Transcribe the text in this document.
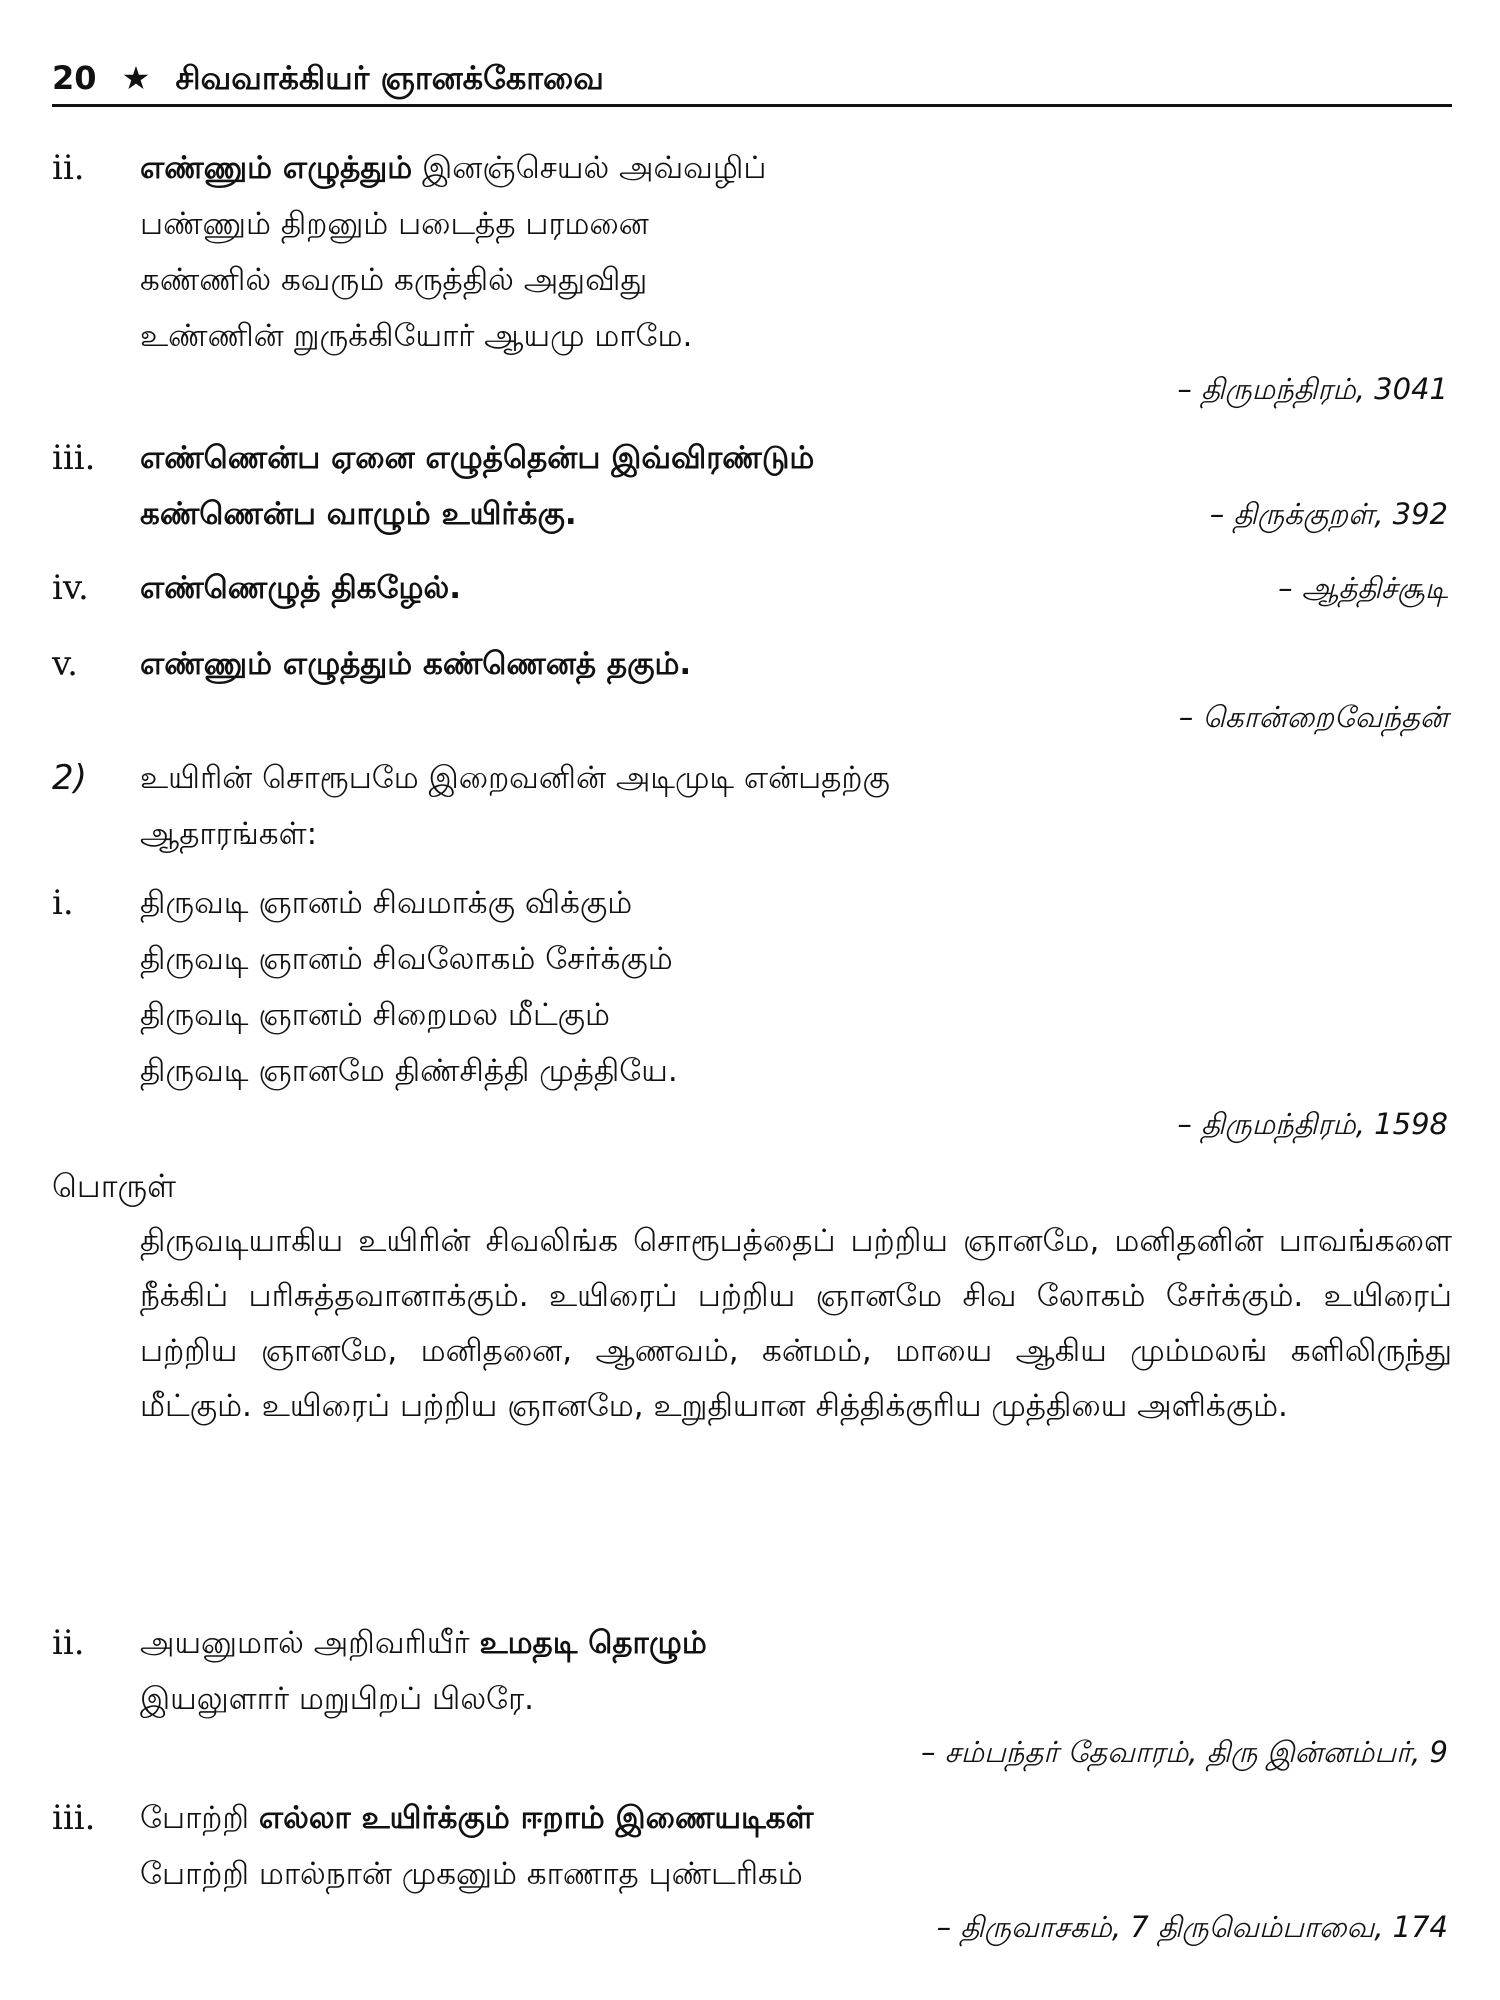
20 ★ சிவவாக்கியர் ஞானக்கோவை
ii.	எண்ணும் எழுத்தும் இனஞ்செயல் அவ்வழிப்
பண்ணும் திறனும் படைத்த பரமனை
கண்ணில் கவரும் கருத்தில் அதுவிது
உண்ணின் றுருக்கியோர் ஆயமு மாமே.
– திருமந்திரம், 3041
iii.	எண்ணென்ப ஏனை எழுத்தென்ப இவ்விரண்டும்
கண்ணென்ப வாழும் உயிர்க்கு.	– திருக்குறள், 392
iv.	எண்ணெழுத் திகழேல்.	– ஆத்திச்சூடி
v.	எண்ணும் எழுத்தும் கண்ணெனத் தகும்.
– கொன்றைவேந்தன்
2)	உயிரின் சொரூபமே இறைவனின் அடிமுடி என்பதற்கு
ஆதாரங்கள்:
i.	திருவடி ஞானம் சிவமாக்கு விக்கும்
திருவடி ஞானம் சிவலோகம் சேர்க்கும்
திருவடி ஞானம் சிறைமல மீட்கும்
திருவடி ஞானமே திண்சித்தி முத்தியே.
– திருமந்திரம், 1598
பொருள்
திருவடியாகிய உயிரின் சிவலிங்க சொரூபத்தைப் பற்றிய ஞானமே, மனிதனின் பாவங்களை நீக்கிப் பரிசுத்தவானாக்கும். உயிரைப் பற்றிய ஞானமே சிவ லோகம் சேர்க்கும். உயிரைப் பற்றிய ஞானமே, மனிதனை, ஆணவம், கன்மம், மாயை ஆகிய மும்மலங் களிலிருந்து மீட்கும். உயிரைப் பற்றிய ஞானமே, உறுதியான சித்திக்குரிய முத்தியை அளிக்கும்.
ii.	அயனுமால் அறிவரியீர் உமதடி தொழும்
இயலுளார் மறுபிறப் பிலரே.
– சம்பந்தர் தேவாரம், திரு இன்னம்பர், 9
iii.	போற்றி எல்லா உயிர்க்கும் ஈறாம் இணையடிகள்
போற்றி மால்நான் முகனும் காணாத புண்டரிகம்
– திருவாசகம், 7 திருவெம்பாவை, 174
